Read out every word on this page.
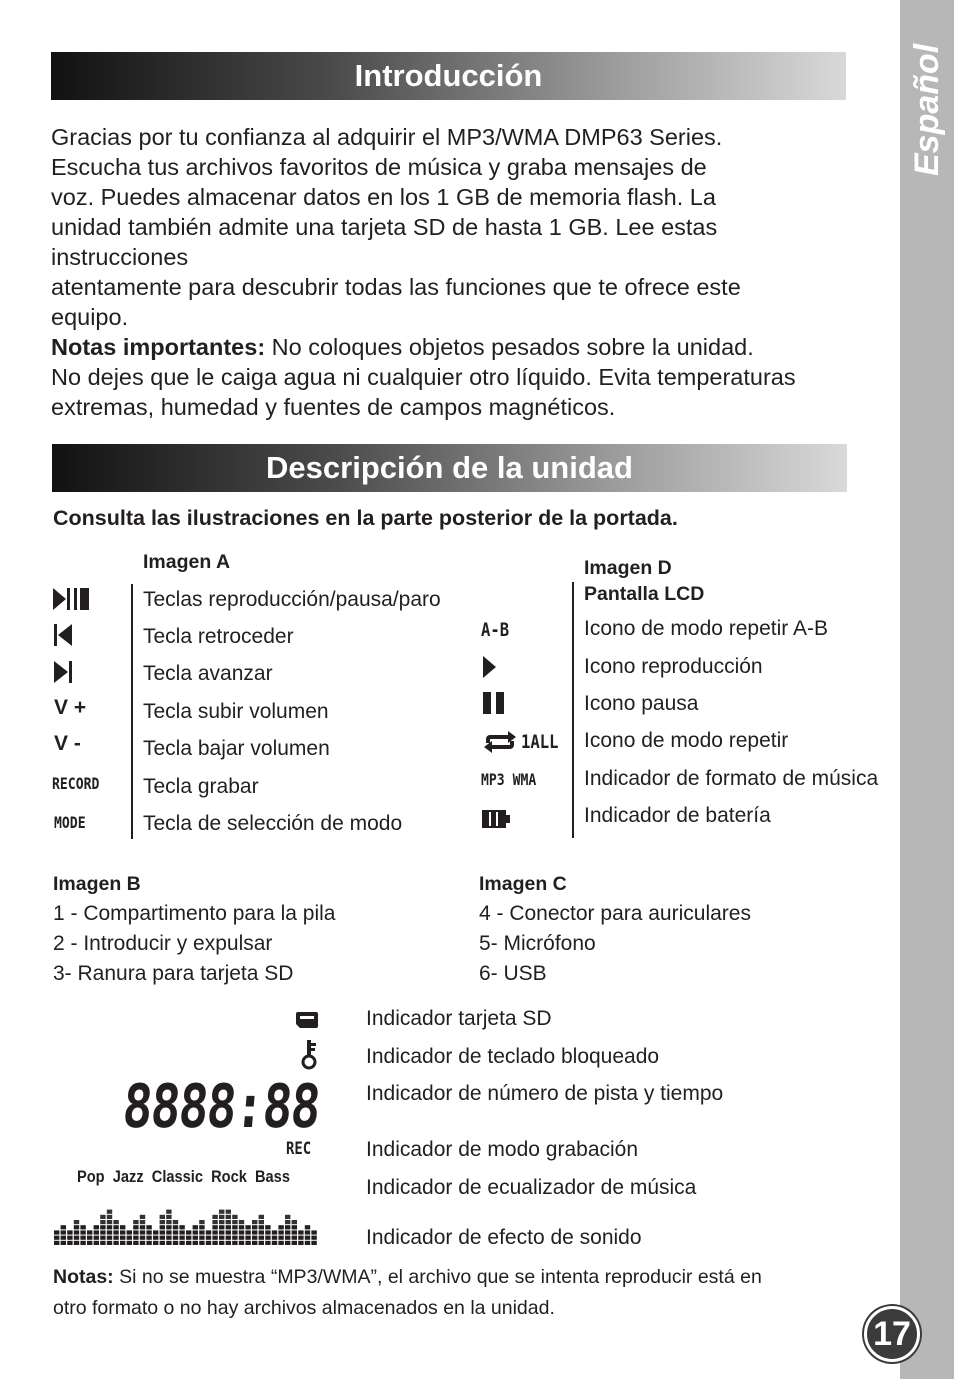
Español
Introducción

Gracias por tu confianza al adquirir el MP3/WMA DMP63 Series.

Escucha tus archivos favoritos de música y graba mensajes de

voz. Puedes almacenar datos en los 1 GB de memoria flash. La

unidad también admite una tarjeta SD de hasta 1 GB. Lee estas

instrucciones

atentamente para descubrir todas las funciones que te ofrece este

equipo.

Notas importantes: No coloques objetos pesados sobre la unidad.

No dejes que le caiga agua ni cualquier otro líquido. Evita temperaturas

extremas, humedad y fuentes de campos magnéticos.

Descripción de la unidad
Consulta las ilustraciones en la parte posterior de la portada.
Imagen A
V +
V -
RECORD
MODE
Teclas reproducción/pausa/paro
Tecla retroceder
Tecla avanzar
Tecla subir volumen
Tecla bajar volumen
Tecla grabar
Tecla de selección de modo
Imagen D
Pantalla LCD
A-B
1ALL
MP3 WMA
Icono de modo repetir A-B
Icono reproducción
Icono pausa
Icono de modo repetir
Indicador de formato de música
Indicador de batería
Imagen B
1 - Compartimento para la pila
2 - Introducir y expulsar
3- Ranura para tarjeta SD
Imagen C
4 - Conector para auriculares
5- Micrófono
6- USB
8888:88
REC
Pop Jazz Classic Rock Bass
Indicador tarjeta SD
Indicador de teclado bloqueado
Indicador de número de pista y tiempo
Indicador de modo grabación
Indicador de ecualizador de música
Indicador de efecto de sonido
Notas: Si no se muestra “MP3/WMA”, el archivo que se intenta reproducir está en
otro formato o no hay archivos almacenados en la unidad.
17
